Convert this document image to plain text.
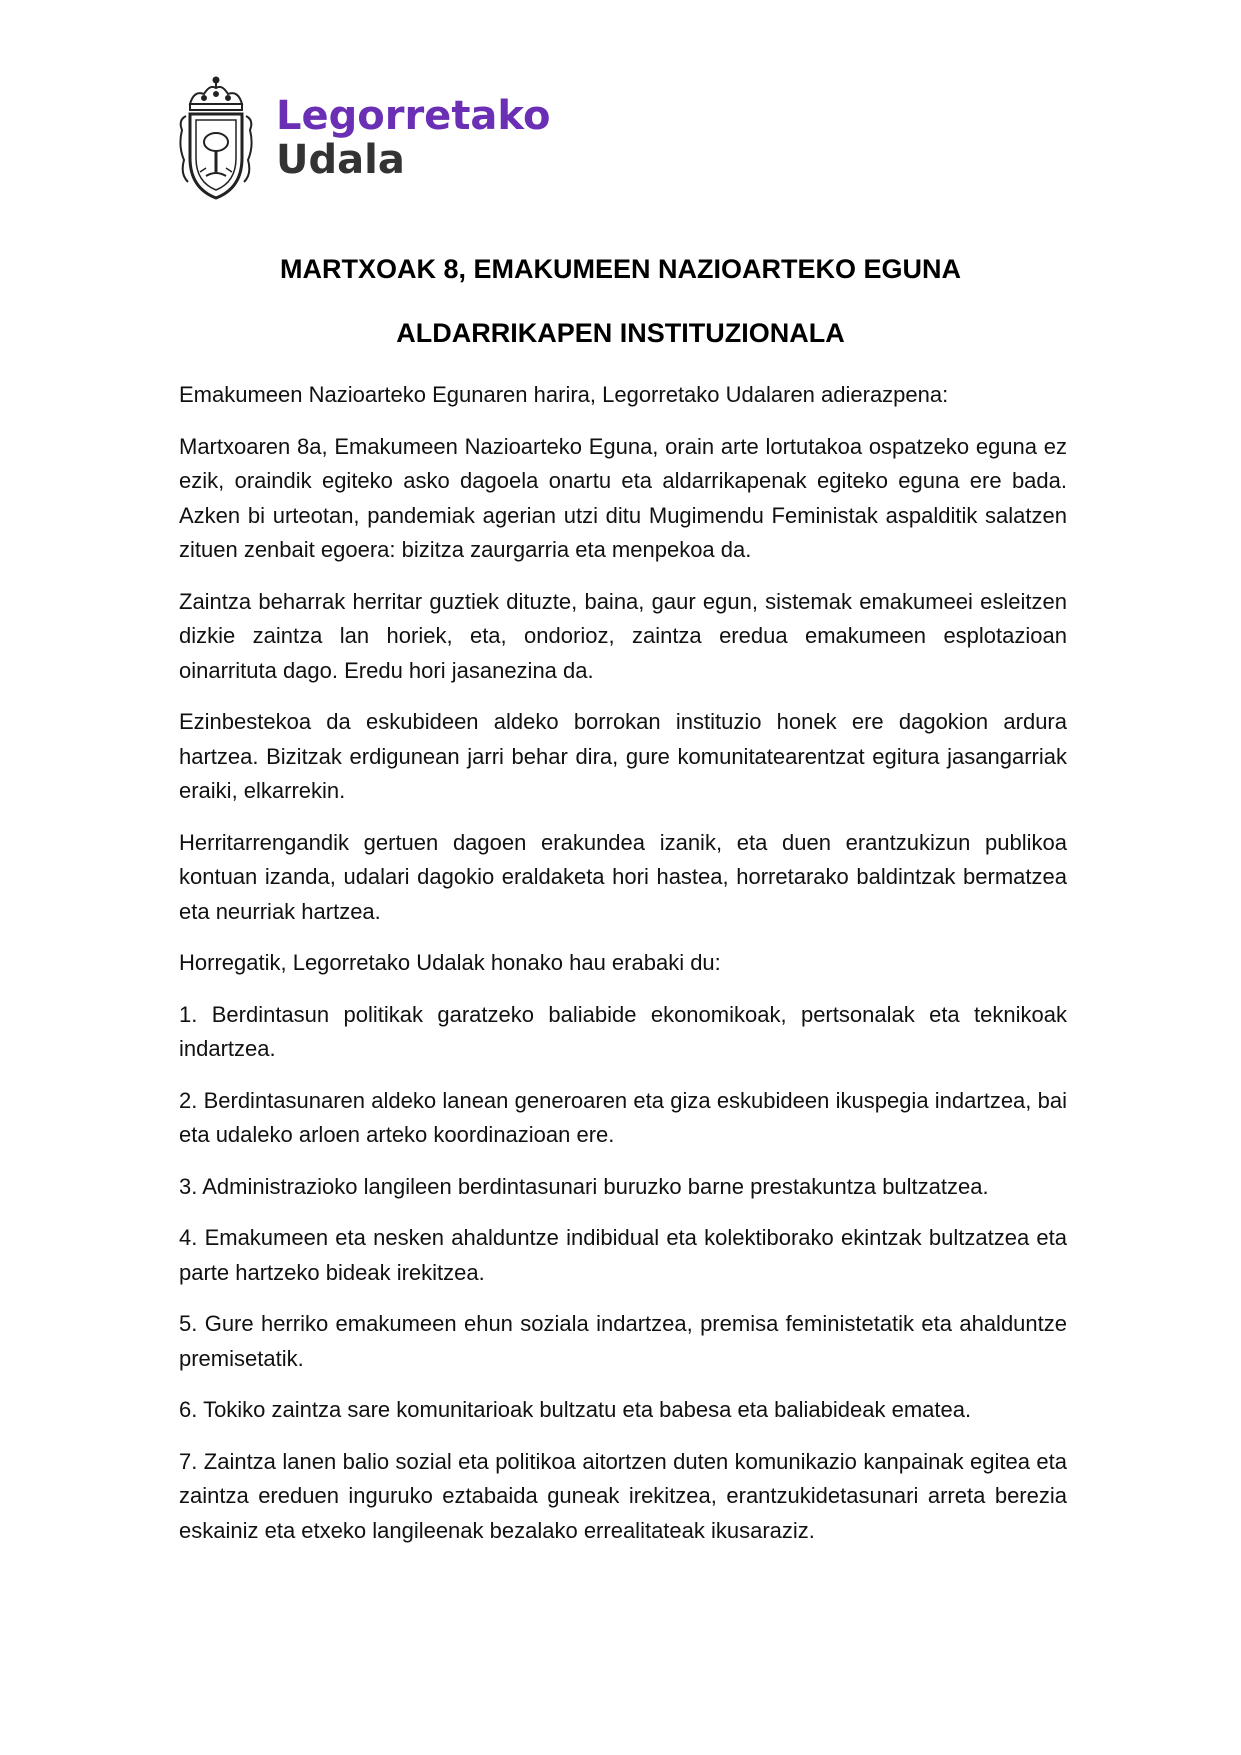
Legorretako
Udala
MARTXOAK 8, EMAKUMEEN NAZIOARTEKO EGUNA
ALDARRIKAPEN INSTITUZIONALA

Emakumeen Nazioarteko Egunaren harira, Legorretako Udalaren adierazpena:

Martxoaren 8a, Emakumeen Nazioarteko Eguna, orain arte lortutakoa ospatzeko eguna ez ezik, oraindik egiteko asko dagoela onartu eta aldarrikapenak egiteko eguna ere bada. Azken bi urteotan, pandemiak agerian utzi ditu Mugimendu Feministak aspalditik salatzen zituen zenbait egoera: bizitza zaurgarria eta menpekoa da.

Zaintza beharrak herritar guztiek dituzte, baina, gaur egun, sistemak emakumeei esleitzen dizkie zaintza lan horiek, eta, ondorioz, zaintza eredua emakumeen esplotazioan oinarrituta dago. Eredu hori jasanezina da.

Ezinbestekoa da eskubideen aldeko borrokan instituzio honek ere dagokion ardura hartzea. Bizitzak erdigunean jarri behar dira, gure komunitatearentzat egitura jasangarriak eraiki, elkarrekin.

Herritarrengandik gertuen dagoen erakundea izanik, eta duen erantzukizun publikoa kontuan izanda, udalari dagokio eraldaketa hori hastea, horretarako baldintzak bermatzea eta neurriak hartzea.

Horregatik, Legorretako Udalak honako hau erabaki du:

1. Berdintasun politikak garatzeko baliabide ekonomikoak, pertsonalak eta teknikoak indartzea.

2. Berdintasunaren aldeko lanean generoaren eta giza eskubideen ikuspegia indartzea, bai eta udaleko arloen arteko koordinazioan ere.

3. Administrazioko langileen berdintasunari buruzko barne prestakuntza bultzatzea.

4. Emakumeen eta nesken ahalduntze indibidual eta kolektiborako ekintzak bultzatzea eta parte hartzeko bideak irekitzea.

5. Gure herriko emakumeen ehun soziala indartzea, premisa feministetatik eta ahalduntze premisetatik.

6. Tokiko zaintza sare komunitarioak bultzatu eta babesa eta baliabideak ematea.

7. Zaintza lanen balio sozial eta politikoa aitortzen duten komunikazio kanpainak egitea eta zaintza ereduen inguruko eztabaida guneak irekitzea, erantzukidetasunari arreta berezia eskainiz eta etxeko langileenak bezalako errealitateak ikusaraziz.
